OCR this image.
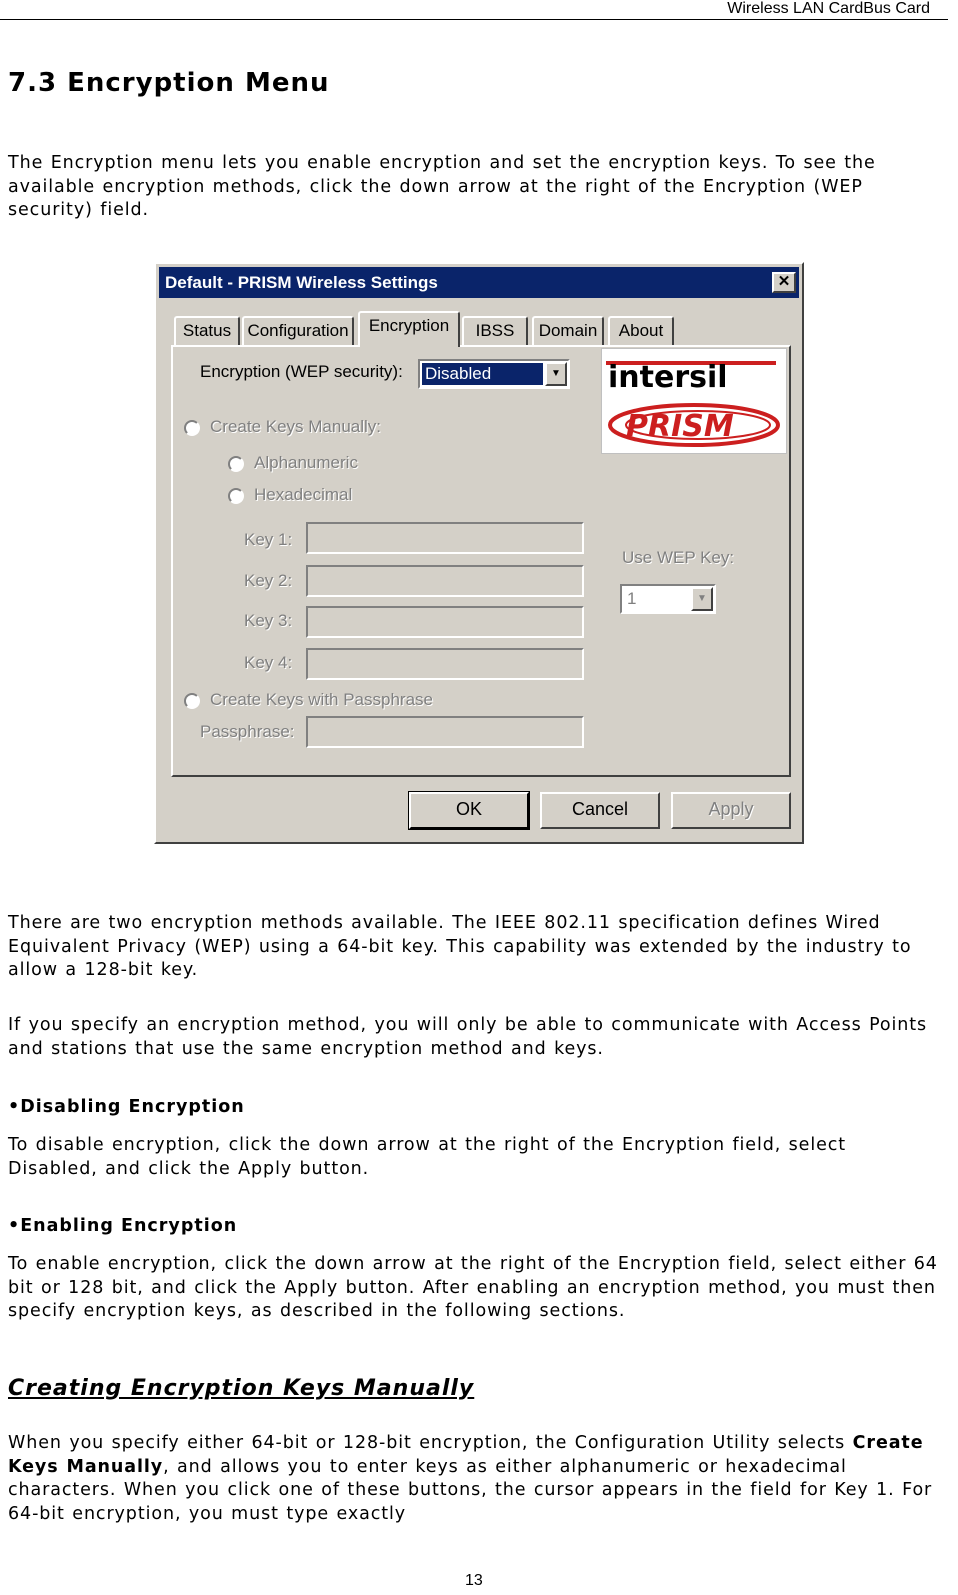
Wireless LAN CardBus Card
7.3 Encryption Menu

The Encryption menu lets you enable encryption and set the encryption keys. To see the available encryption methods, click the down arrow at the right of the Encryption (WEP security) field.

Default - PRISM Wireless Settings	✕
Status Configuration	Encryption	IBSS	Domain	About
Encryption (WEP security): Disabled	▼ intersil
PRISM
Create Keys Manually:
Alphanumeric
Hexadecimal
Key 1:
Key 2:
Key 3:
Key 4:
Use WEP Key:
1	▼
Create Keys with Passphrase
Passphrase:
OK	Cancel	Apply

There are two encryption methods available. The IEEE 802.11 specification defines Wired Equivalent Privacy (WEP) using a 64-bit key. This capability was extended by the industry to allow a 128-bit key.

If you specify an encryption method, you will only be able to communicate with Access Points and stations that use the same encryption method and keys.

•Disabling Encryption

To disable encryption, click the down arrow at the right of the Encryption field, select Disabled, and click the Apply button.

•Enabling Encryption

To enable encryption, click the down arrow at the right of the Encryption field, select either 64 bit or 128 bit, and click the Apply button. After enabling an encryption method, you must then specify encryption keys, as described in the following sections.

Creating Encryption Keys Manually

When you specify either 64-bit or 128-bit encryption, the Configuration Utility selects Create Keys Manually, and allows you to enter keys as either alphanumeric or hexadecimal characters. When you click one of these buttons, the cursor appears in the field for Key 1. For 64-bit encryption, you must type exactly

13
